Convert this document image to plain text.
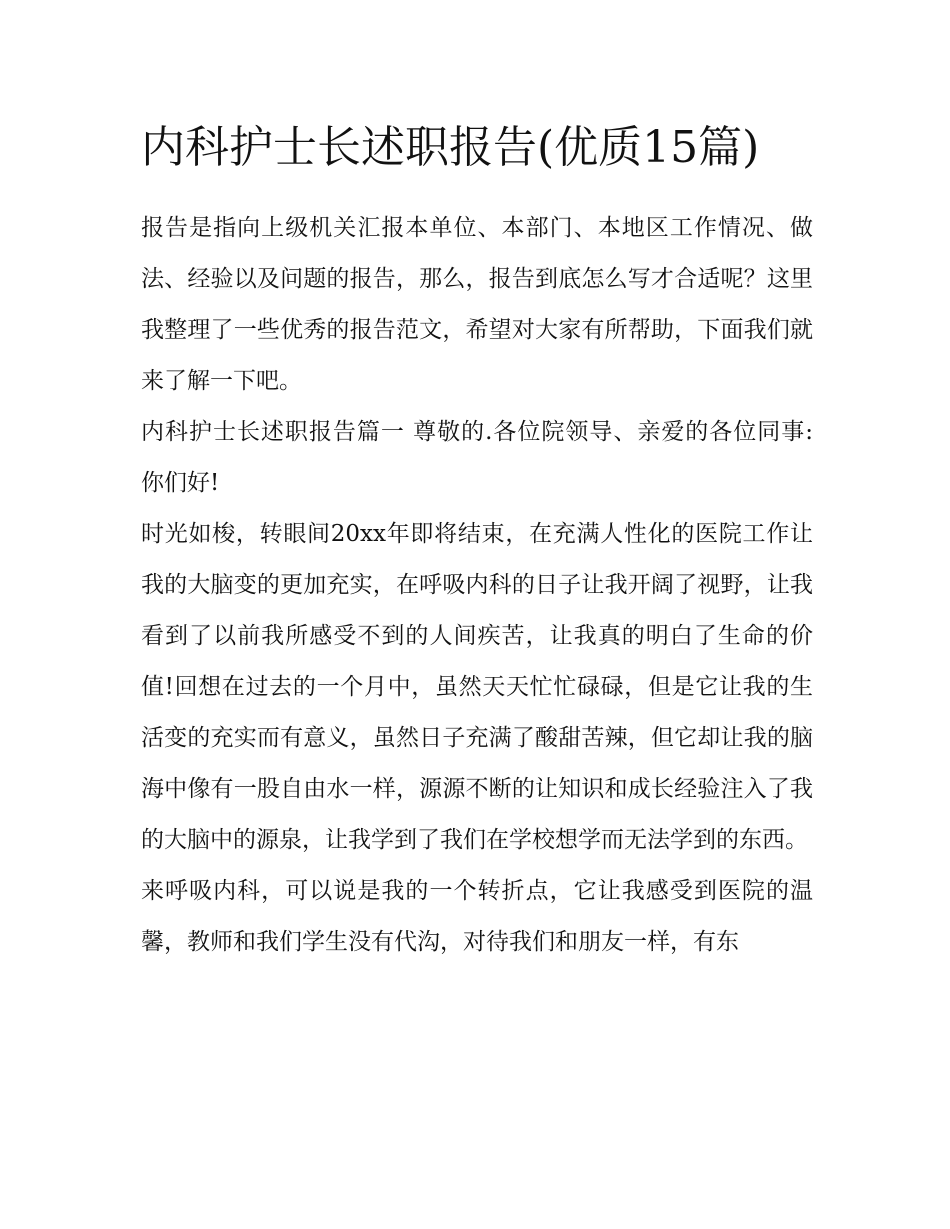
内科护士长述职报告(优质15篇)

报告是指向上级机关汇报本单位、本部门、本地区工作情况、做法、经验以及问题的报告，那么，报告到底怎么写才合适呢？这里我整理了一些优秀的报告范文，希望对大家有所帮助，下面我们就来了解一下吧。

内科护士长述职报告篇一 尊敬的.各位院领导、亲爱的各位同事: 你们好!

时光如梭，转眼间20xx年即将结束，在充满人性化的医院工作让我的大脑变的更加充实，在呼吸内科的日子让我开阔了视野，让我看到了以前我所感受不到的人间疾苦，让我真的明白了生命的价值!回想在过去的一个月中，虽然天天忙忙碌碌，但是它让我的生活变的充实而有意义，虽然日子充满了酸甜苦辣，但它却让我的脑海中像有一股自由水一样，源源不断的让知识和成长经验注入了我的大脑中的源泉，让我学到了我们在学校想学而无法学到的东西。

来呼吸内科，可以说是我的一个转折点，它让我感受到医院的温馨，教师和我们学生没有代沟，对待我们和朋友一样，有东
